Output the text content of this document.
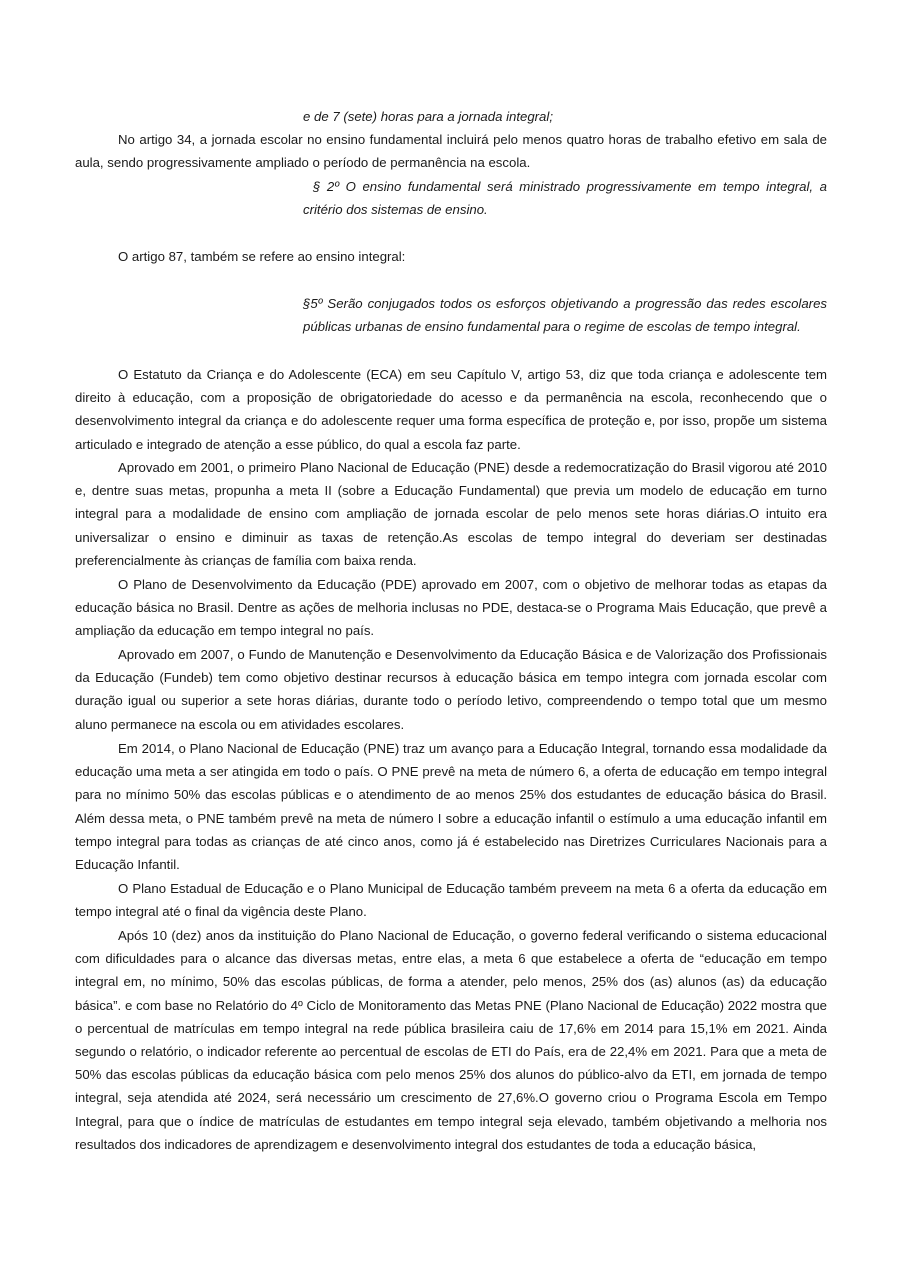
e de 7 (sete) horas para a jornada integral;

No artigo 34, a jornada escolar no ensino fundamental incluirá pelo menos quatro horas de trabalho efetivo em sala de aula, sendo progressivamente ampliado o período de permanência na escola.

§ 2º O ensino fundamental será ministrado progressivamente em tempo integral, a critério dos sistemas de ensino.

O artigo 87, também se refere ao ensino integral:

§5º Serão conjugados todos os esforços objetivando a progressão das redes escolares públicas urbanas de ensino fundamental para o regime de escolas de tempo integral.

O Estatuto da Criança e do Adolescente (ECA) em seu Capítulo V, artigo 53, diz que toda criança e adolescente tem direito à educação, com a proposição de obrigatoriedade do acesso e da permanência na escola, reconhecendo que o desenvolvimento integral da criança e do adolescente requer uma forma específica de proteção e, por isso, propõe um sistema articulado e integrado de atenção a esse público, do qual a escola faz parte.

Aprovado em 2001, o primeiro Plano Nacional de Educação (PNE) desde a redemocratização do Brasil vigorou até 2010 e, dentre suas metas, propunha a meta II (sobre a Educação Fundamental) que previa um modelo de educação em turno integral para a modalidade de ensino com ampliação de jornada escolar de pelo menos sete horas diárias.O intuito era universalizar o ensino e diminuir as taxas de retenção.As escolas de tempo integral do deveriam ser destinadas preferencialmente às crianças de família com baixa renda.

O Plano de Desenvolvimento da Educação (PDE) aprovado em 2007, com o objetivo de melhorar todas as etapas da educação básica no Brasil. Dentre as ações de melhoria inclusas no PDE, destaca-se o Programa Mais Educação, que prevê a ampliação da educação em tempo integral no país.

Aprovado em 2007, o Fundo de Manutenção e Desenvolvimento da Educação Básica e de Valorização dos Profissionais da Educação (Fundeb) tem como objetivo destinar recursos à educação básica em tempo integra com jornada escolar com duração igual ou superior a sete horas diárias, durante todo o período letivo, compreendendo o tempo total que um mesmo aluno permanece na escola ou em atividades escolares.

Em 2014, o Plano Nacional de Educação (PNE) traz um avanço para a Educação Integral, tornando essa modalidade da educação uma meta a ser atingida em todo o país. O PNE prevê na meta de número 6, a oferta de educação em tempo integral para no mínimo 50% das escolas públicas e o atendimento de ao menos 25% dos estudantes de educação básica do Brasil. Além dessa meta, o PNE também prevê na meta de número I sobre a educação infantil o estímulo a uma educação infantil em tempo integral para todas as crianças de até cinco anos, como já é estabelecido nas Diretrizes Curriculares Nacionais para a Educação Infantil.

O Plano Estadual de Educação e o Plano Municipal de Educação também preveem na meta 6 a oferta da educação em tempo integral até o final da vigência deste Plano.

Após 10 (dez) anos da instituição do Plano Nacional de Educação, o governo federal verificando o sistema educacional com dificuldades para o alcance das diversas metas, entre elas, a meta 6 que estabelece a oferta de “educação em tempo integral em, no mínimo, 50% das escolas públicas, de forma a atender, pelo menos, 25% dos (as) alunos (as) da educação básica”. e com base no Relatório do 4º Ciclo de Monitoramento das Metas PNE (Plano Nacional de Educação) 2022 mostra que o percentual de matrículas em tempo integral na rede pública brasileira caiu de 17,6% em 2014 para 15,1% em 2021. Ainda segundo o relatório, o indicador referente ao percentual de escolas de ETI do País, era de 22,4% em 2021. Para que a meta de 50% das escolas públicas da educação básica com pelo menos 25% dos alunos do público-alvo da ETI, em jornada de tempo integral, seja atendida até 2024, será necessário um crescimento de 27,6%.O governo criou o Programa Escola em Tempo Integral, para que o índice de matrículas de estudantes em tempo integral seja elevado, também objetivando a melhoria nos resultados dos indicadores de aprendizagem e desenvolvimento integral dos estudantes de toda a educação básica,
